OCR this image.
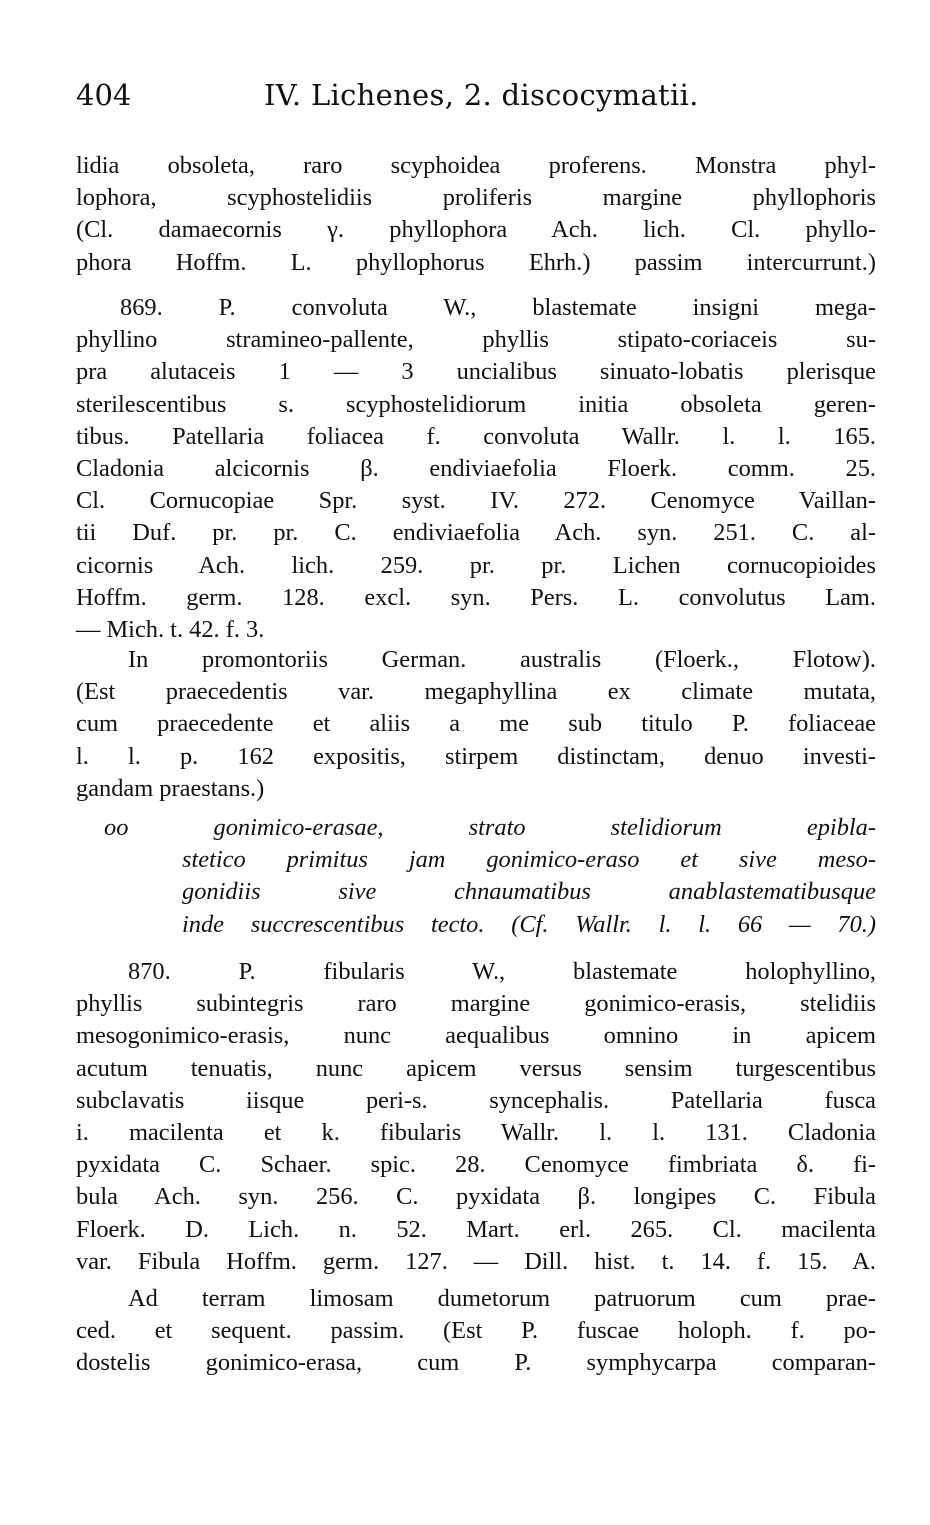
404	IV. Lichenes, 2. discocymatii.
lidia obsoleta, raro scyphoidea proferens. Monstra phyl-
lophora, scyphostelidiis proliferis margine phyllophoris
(Cl. damaecornis γ. phyllophora Ach. lich. Cl. phyllo-
phora Hoffm. L. phyllophorus Ehrh.) passim intercurrunt.)
869. P. convoluta W., blastemate insigni mega-
phyllino stramineo-pallente, phyllis stipato-coriaceis su-
pra alutaceis 1 — 3 uncialibus sinuato-lobatis plerisque
sterilescentibus s. scyphostelidiorum initia obsoleta geren-
tibus. Patellaria foliacea f. convoluta Wallr. l. l. 165.
Cladonia alcicornis β. endiviaefolia Floerk. comm. 25.
Cl. Cornucopiae Spr. syst. IV. 272. Cenomyce Vaillan-
tii Duf. pr. pr. C. endiviaefolia Ach. syn. 251. C. al-
cicornis Ach. lich. 259. pr. pr. Lichen cornucopioides
Hoffm. germ. 128. excl. syn. Pers. L. convolutus Lam.
— Mich. t. 42. f. 3.
In promontoriis German. australis (Floerk., Flotow).
(Est praecedentis var. megaphyllina ex climate mutata,
cum praecedente et aliis a me sub titulo P. foliaceae
l. l. p. 162 expositis, stirpem distinctam, denuo investi-
gandam praestans.)
oo gonimico-erasae, strato stelidiorum epibla-
stetico primitus jam gonimico-eraso et sive meso-
gonidiis sive chnaumatibus anablastematibusque
inde succrescentibus tecto. (Cf. Wallr. l. l. 66 — 70.)
870. P. fibularis W., blastemate holophyllino,
phyllis subintegris raro margine gonimico-erasis, stelidiis
mesogonimico-erasis, nunc aequalibus omnino in apicem
acutum tenuatis, nunc apicem versus sensim turgescentibus
subclavatis iisque peri-s. syncephalis. Patellaria fusca
i. macilenta et k. fibularis Wallr. l. l. 131. Cladonia
pyxidata C. Schaer. spic. 28. Cenomyce fimbriata δ. fi-
bula Ach. syn. 256. C. pyxidata β. longipes C. Fibula
Floerk. D. Lich. n. 52. Mart. erl. 265. Cl. macilenta
var. Fibula Hoffm. germ. 127. — Dill. hist. t. 14. f. 15. A.
Ad terram limosam dumetorum patruorum cum prae-
ced. et sequent. passim. (Est P. fuscae holoph. f. po-
dostelis gonimico-erasa, cum P. symphycarpa comparan-
